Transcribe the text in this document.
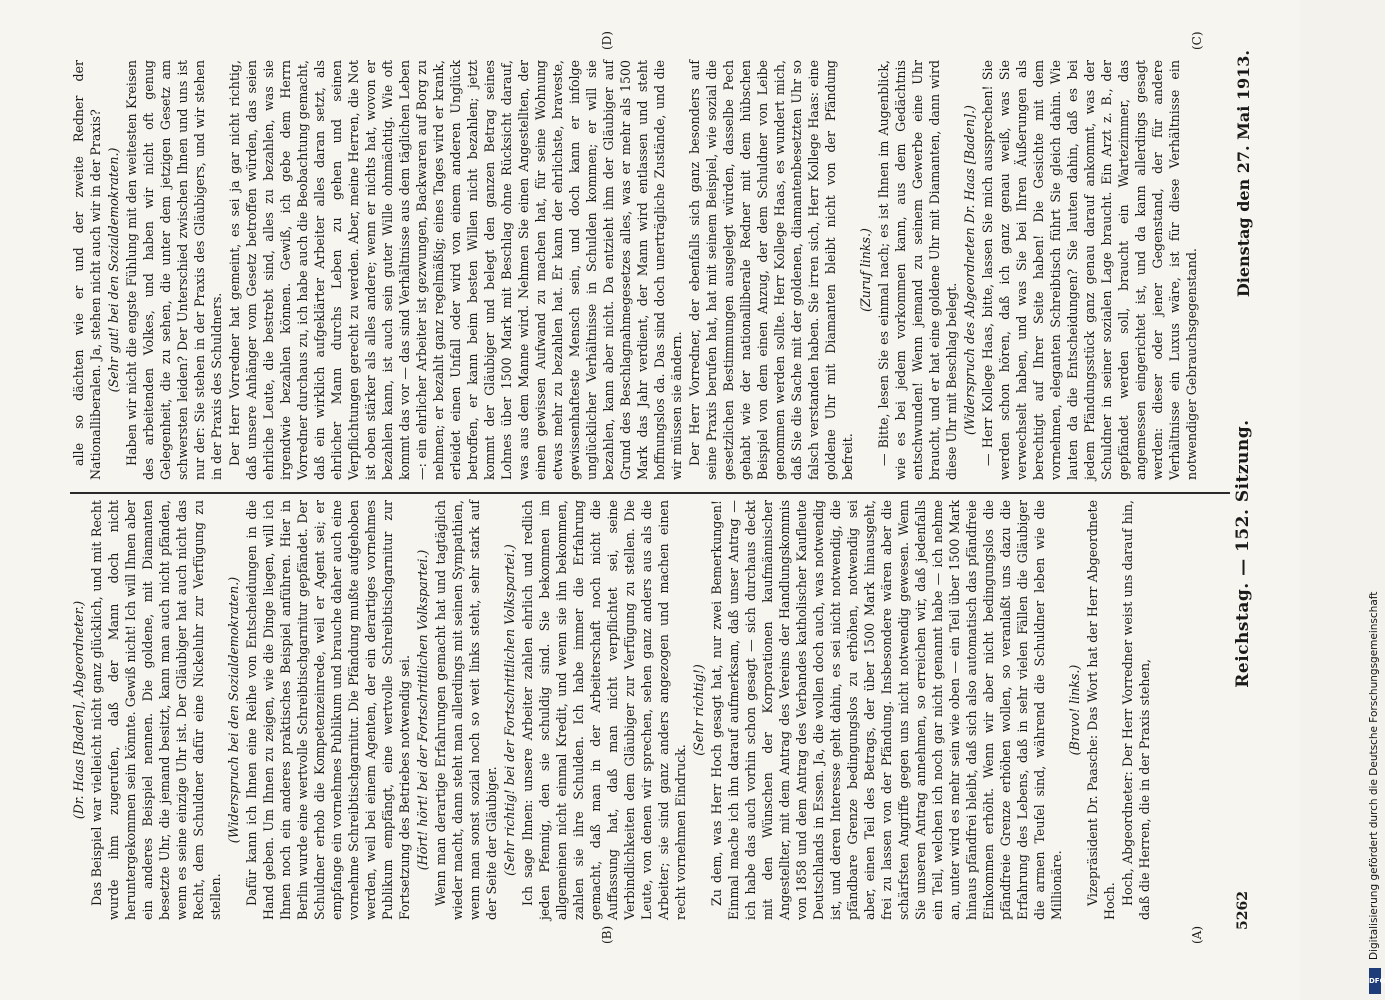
5262
Reichstag. — 152. Sitzung.
Dienstag den 27. Mai 1913.
(A)
(B)
(C)
(D)

(Dr. Haas [Baden], Abgeordneter.) Das Beispiel war vielleicht nicht ganz glücklich, und mit Recht wurde ihm zugerufen, daß der Mann doch nicht heruntergekommen sein könnte. Gewiß nicht! Ich will Ihnen aber ein anderes Beispiel nennen. Die goldene, mit Diamanten besetzte Uhr, die jemand besitzt, kann man auch nicht pfänden, wenn es seine einzige Uhr ist. Der Gläubiger hat auch nicht das Recht, dem Schuldner dafür eine Nickeluhr zur Verfügung zu stellen.

(Widerspruch bei den Sozialdemokraten.) Dafür kann ich Ihnen eine Reihe von Entscheidungen in die Hand geben. Um Ihnen zu zeigen, wie die Dinge liegen, will ich Ihnen noch ein anderes praktisches Beispiel anführen. Hier in Berlin wurde eine wertvolle Schreibtischgarnitur gepfändet. Der Schuldner erhob die Kompetenzeinrede, weil er Agent sei; er empfange ein vornehmes Publikum und brauche daher auch eine vornehme Schreibtischgarnitur. Die Pfändung mußte aufgehoben werden, weil bei einem Agenten, der ein derartiges vornehmes Publikum empfängt, eine wertvolle Schreibtischgarnitur zur Fortsetzung des Betriebes notwendig sei. (Hört! hört! bei der Fortschrittlichen Volkspartei.) Wenn man derartige Erfahrungen gemacht hat und tagtäglich wieder macht, dann steht man allerdings mit seinen Sympathien, wenn man sonst sozial noch so weit links steht, sehr stark auf der Seite der Gläubiger. (Sehr richtig! bei der Fortschrittlichen Volkspartei.) Ich sage Ihnen: unsere Arbeiter zahlen ehrlich und redlich jeden Pfennig, den sie schuldig sind. Sie bekommen im allgemeinen nicht einmal Kredit, und wenn sie ihn bekommen, zahlen sie ihre Schulden. Ich habe immer die Erfahrung gemacht, daß man in der Arbeiterschaft noch nicht die Auffassung hat, daß man nicht verpflichtet sei, seine Verbindlichkeiten dem Gläubiger zur Verfügung zu stellen. Die Leute, von denen wir sprechen, sehen ganz anders aus als die Arbeiter; sie sind ganz anders angezogen und machen einen recht vornehmen Eindruck.

(Sehr richtig!) Zu dem, was Herr Hoch gesagt hat, nur zwei Bemerkungen! Einmal mache ich ihn darauf aufmerksam, daß unser Antrag — ich habe das auch vorhin schon gesagt — sich durchaus deckt mit den Wünschen der Korporationen kaufmännischer Angestellter, mit dem Antrag des Vereins der Handlungskommis von 1858 und dem Antrag des Verbandes katholischer Kaufleute Deutschlands in Essen. Ja, die wollen doch auch, was notwendig ist, und deren Interesse geht dahin, es sei nicht notwendig, die pfändbare Grenze bedingungslos zu erhöhen, notwendig sei aber, einen Teil des Betrags, der über 1500 Mark hinausgeht, frei zu lassen von der Pfändung. Insbesondere wären aber die schärfsten Angriffe gegen uns nicht notwendig gewesen. Wenn Sie unseren Antrag annehmen, so erreichen wir, daß jedenfalls ein Teil, welchen ich noch gar nicht genannt habe — ich nehme an, unter wird es mehr sein wie oben — ein Teil über 1500 Mark hinaus pfändfrei bleibt, daß sich also automatisch das pfändfreie Einkommen erhöht. Wenn wir aber nicht bedingungslos die pfändfreie Grenze erhöhen wollen, so veranlaßt uns dazu die Erfahrung des Lebens, daß in sehr vielen Fällen die Gläubiger die armen Teufel sind, während die Schuldner leben wie die Millionäre.

(Bravo! links.) Vizepräsident Dr. Paasche: Das Wort hat der Herr Abgeordnete Hoch. Hoch, Abgeordneter: Der Herr Vorredner weist uns darauf hin, daß die Herren, die in der Praxis stehen,

alle so dächten wie er und der zweite Redner der Nationalliberalen. Ja, stehen nicht auch wir in der Praxis? (Sehr gut! bei den Sozialdemokraten.) Haben wir nicht die engste Fühlung mit den weitesten Kreisen des arbeitenden Volkes, und haben wir nicht oft genug Gelegenheit, die zu sehen, die unter dem jetzigen Gesetz am schwersten leiden? Der Unterschied zwischen Ihnen und uns ist nur der: Sie stehen in der Praxis des Gläubigers, und wir stehen in der Praxis des Schuldners. Der Herr Vorredner hat gemeint, es sei ja gar nicht richtig, daß unsere Anhänger vom Gesetz betroffen würden, das seien ehrliche Leute, die bestrebt sind, alles zu bezahlen, was sie irgendwie bezahlen können. Gewiß, ich gebe dem Herrn Vorredner durchaus zu, ich habe auch die Beobachtung gemacht, daß ein wirklich aufgeklärter Arbeiter alles daran setzt, als ehrlicher Mann durchs Leben zu gehen und seinen Verpflichtungen gerecht zu werden. Aber, meine Herren, die Not ist oben stärker als alles andere; wenn er nichts hat, wovon er bezahlen kann, ist auch sein guter Wille ohnmächtig. Wie oft kommt das vor — das sind Verhältnisse aus dem täglichen Leben —: ein ehrlicher Arbeiter ist gezwungen, Backwaren auf Borg zu nehmen; er bezahlt ganz regelmäßig; eines Tages wird er krank, erleidet einen Unfall oder wird von einem anderen Unglück betroffen, er kann beim besten Willen nicht bezahlen; jetzt kommt der Gläubiger und belegt den ganzen Betrag seines Lohnes über 1500 Mark mit Beschlag ohne Rücksicht darauf, was aus dem Manne wird. Nehmen Sie einen Angestellten, der einen gewissen Aufwand zu machen hat, für seine Wohnung etwas mehr zu bezahlen hat. Er kann der ehrlichste, braveste, gewissenhafteste Mensch sein, und doch kann er infolge unglücklicher Verhältnisse in Schulden kommen; er will sie bezahlen, kann aber nicht. Da entzieht ihm der Gläubiger auf Grund des Beschlagnahmegesetzes alles, was er mehr als 1500 Mark das Jahr verdient, der Mann wird entlassen und steht hoffnungslos da. Das sind doch unerträgliche Zustände, und die wir müssen sie ändern. Der Herr Vorredner, der ebenfalls sich ganz besonders auf seine Praxis berufen hat, hat mit seinem Beispiel, wie sozial die gesetzlichen Bestimmungen ausgelegt würden, dasselbe Pech gehabt wie der nationalliberale Redner mit dem hübschen Beispiel von dem einen Anzug, der dem Schuldner von Leibe genommen werden sollte. Herr Kollege Haas, es wundert mich, daß Sie die Sache mit der goldenen, diamantenbesetzten Uhr so falsch verstanden haben. Sie irren sich, Herr Kollege Haas: eine goldene Uhr mit Diamanten bleibt nicht von der Pfändung befreit.

(Zuruf links.) — Bitte, lesen Sie es einmal nach; es ist Ihnen im Augenblick, wie es bei jedem vorkommen kann, aus dem Gedächtnis entschwunden! Wenn jemand zu seinem Gewerbe eine Uhr braucht, und er hat eine goldene Uhr mit Diamanten, dann wird diese Uhr mit Beschlag belegt. (Widerspruch des Abgeordneten Dr. Haas [Baden].) — Herr Kollege Haas, bitte, lassen Sie mich aussprechen! Sie werden schon hören, daß ich ganz genau weiß, was Sie verwechselt haben, und was Sie bei Ihren Äußerungen als berechtigt auf Ihrer Seite haben! Die Gesichte mit dem vornehmen, eleganten Schreibtisch führt Sie gleich dahin. Wie lauten da die Entscheidungen? Sie lauten dahin, daß es bei jedem Pfändungsstück ganz genau darauf ankommt, was der Schuldner in seiner sozialen Lage braucht. Ein Arzt z. B., der gepfändet werden soll, braucht ein Wartezimmer, das angemessen eingerichtet ist, und da kann allerdings gesagt werden: dieser oder jener Gegenstand, der für andere Verhältnisse ein Luxus wäre, ist für diese Verhältnisse ein notwendiger Gebrauchsgegenstand.

Digitalisierung gefördert durch die Deutsche Forschungsgemeinschaft
DFG
